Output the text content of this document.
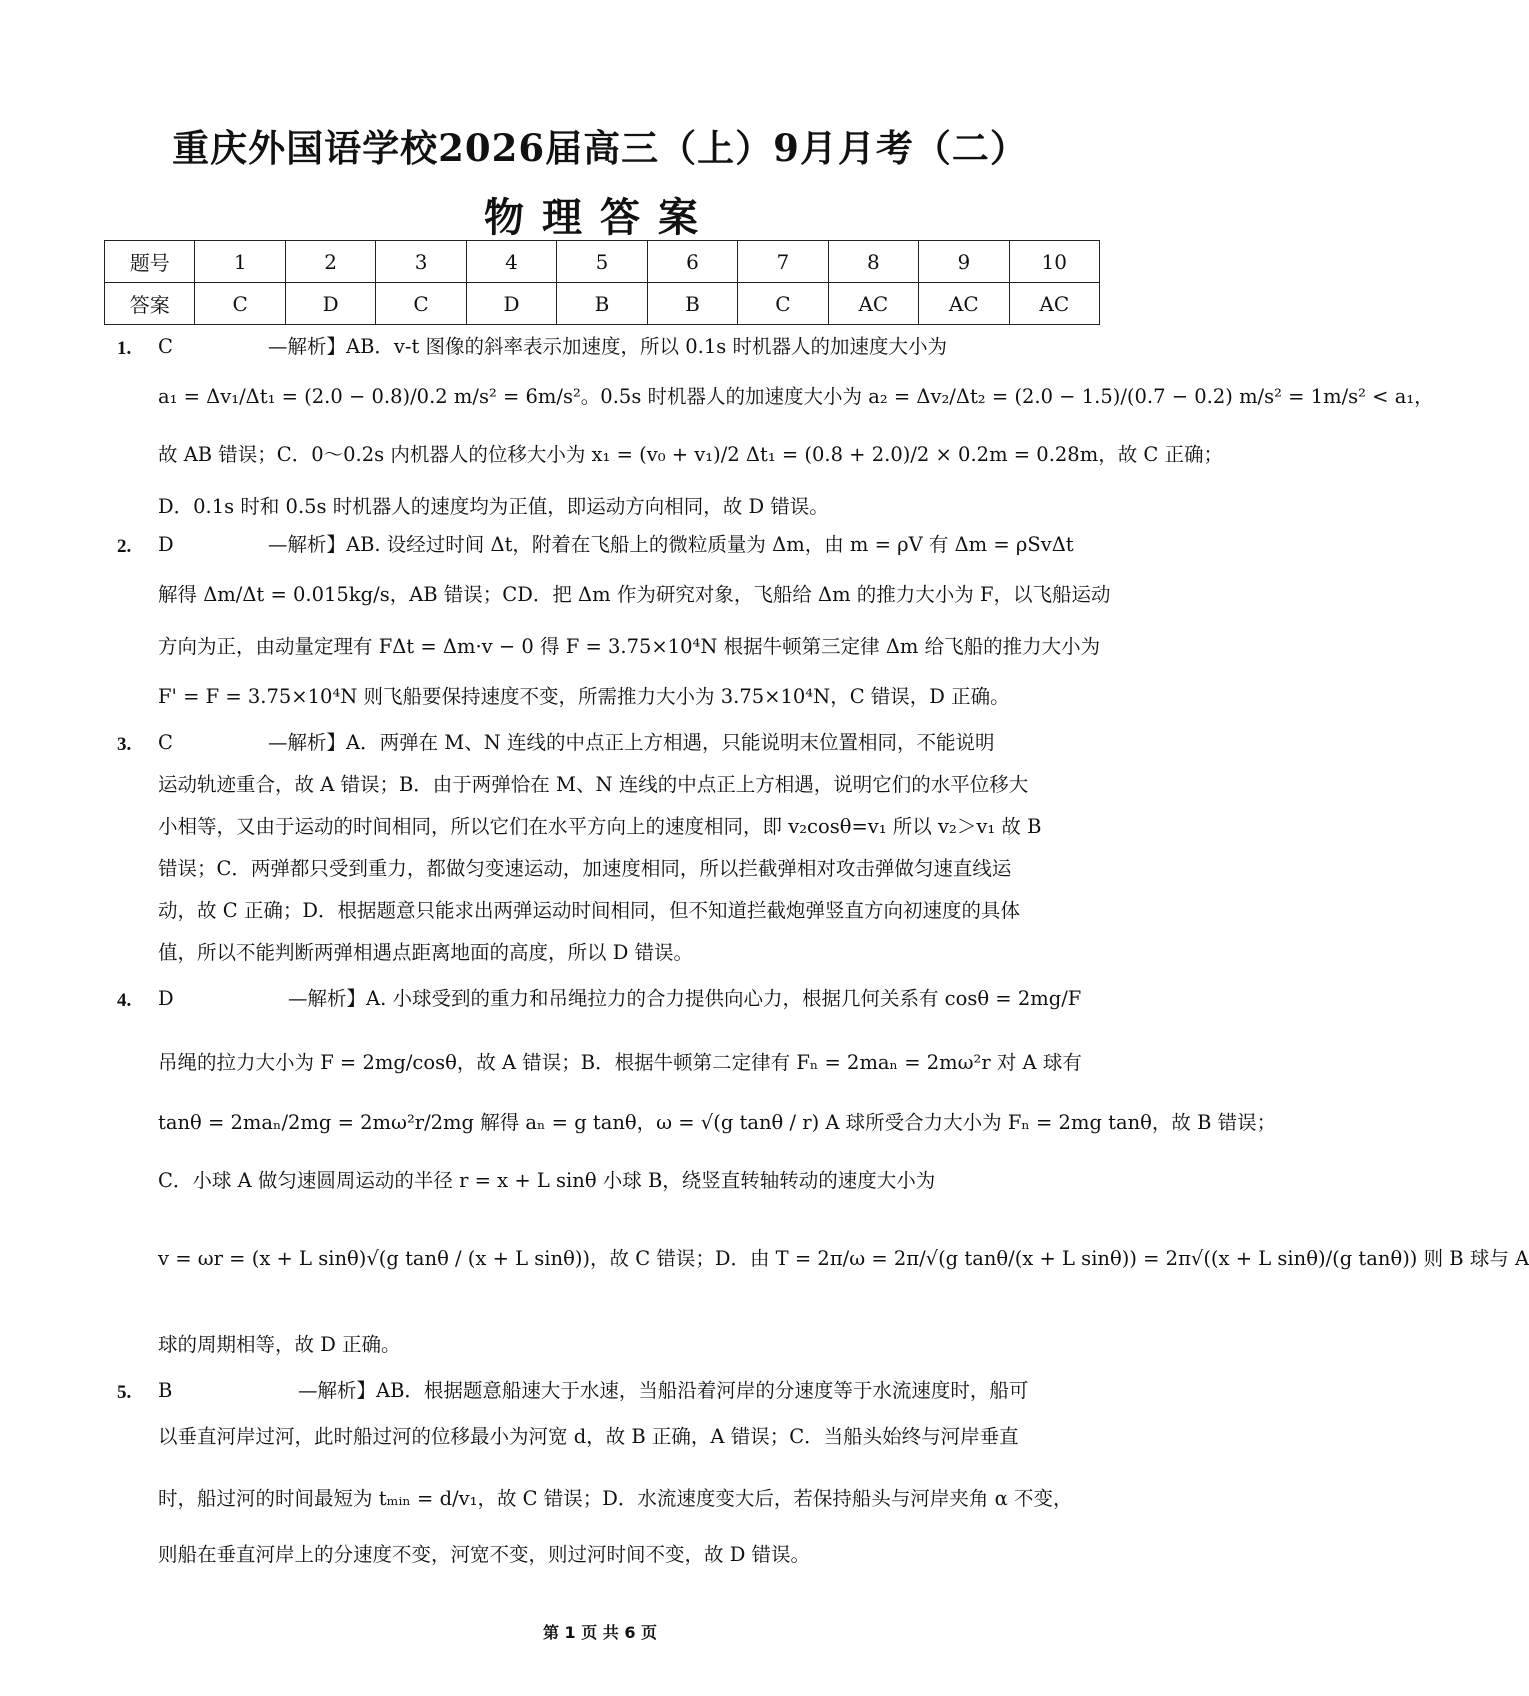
重庆外国语学校2026届高三（上）9月月考（二）
物理答案
题号	1	2	3	4	5	6	7	8	9	10
答案	C	D	C	D	B	B	C	AC	AC	AC
1. C	—解析】AB．v-t 图像的斜率表示加速度，所以 0.1s 时机器人的加速度大小为
a₁ = Δv₁/Δt₁ = (2.0 − 0.8)/0.2 m/s² = 6m/s²。0.5s 时机器人的加速度大小为 a₂ = Δv₂/Δt₂ = (2.0 − 1.5)/(0.7 − 0.2) m/s² = 1m/s² < a₁，
故 AB 错误；C．0～0.2s 内机器人的位移大小为 x₁ = (v₀ + v₁)/2 Δt₁ = (0.8 + 2.0)/2 × 0.2m = 0.28m，故 C 正确；
D．0.1s 时和 0.5s 时机器人的速度均为正值，即运动方向相同，故 D 错误。
2. D	—解析】AB. 设经过时间 Δt，附着在飞船上的微粒质量为 Δm，由 m = ρV 有 Δm = ρSvΔt
解得 Δm/Δt = 0.015kg/s，AB 错误；CD．把 Δm 作为研究对象，飞船给 Δm 的推力大小为 F，以飞船运动
方向为正，由动量定理有 FΔt = Δm·v − 0 得 F = 3.75×10⁴N 根据牛顿第三定律 Δm 给飞船的推力大小为
F' = F = 3.75×10⁴N 则飞船要保持速度不变，所需推力大小为 3.75×10⁴N，C 错误，D 正确。
3. C	—解析】A．两弹在 M、N 连线的中点正上方相遇，只能说明末位置相同，不能说明
运动轨迹重合，故 A 错误；B．由于两弹恰在 M、N 连线的中点正上方相遇，说明它们的水平位移大
小相等，又由于运动的时间相同，所以它们在水平方向上的速度相同，即 v₂cosθ=v₁ 所以 v₂＞v₁ 故 B
错误；C．两弹都只受到重力，都做匀变速运动，加速度相同，所以拦截弹相对攻击弹做匀速直线运
动，故 C 正确；D．根据题意只能求出两弹运动时间相同，但不知道拦截炮弹竖直方向初速度的具体
值，所以不能判断两弹相遇点距离地面的高度，所以 D 错误。
4. D	—解析】A. 小球受到的重力和吊绳拉力的合力提供向心力，根据几何关系有 cosθ = 2mg/F
吊绳的拉力大小为 F = 2mg/cosθ，故 A 错误；B．根据牛顿第二定律有 Fₙ = 2maₙ = 2mω²r 对 A 球有
tanθ = 2maₙ/2mg = 2mω²r/2mg 解得 aₙ = g tanθ，ω = √(g tanθ / r) A 球所受合力大小为 Fₙ = 2mg tanθ，故 B 错误；
C．小球 A 做匀速圆周运动的半径 r = x + L sinθ 小球 B，绕竖直转轴转动的速度大小为
v = ωr = (x + L sinθ)√(g tanθ / (x + L sinθ))，故 C 错误；D．由 T = 2π/ω = 2π/√(g tanθ/(x + L sinθ)) = 2π√((x + L sinθ)/(g tanθ)) 则 B 球与 A
球的周期相等，故 D 正确。
5. B	—解析】AB．根据题意船速大于水速，当船沿着河岸的分速度等于水流速度时，船可
以垂直河岸过河，此时船过河的位移最小为河宽 d，故 B 正确，A 错误；C．当船头始终与河岸垂直
时，船过河的时间最短为 tₘᵢₙ = d/v₁，故 C 错误；D．水流速度变大后，若保持船头与河岸夹角 α 不变，
则船在垂直河岸上的分速度不变，河宽不变，则过河时间不变，故 D 错误。
第 1 页 共 6 页
